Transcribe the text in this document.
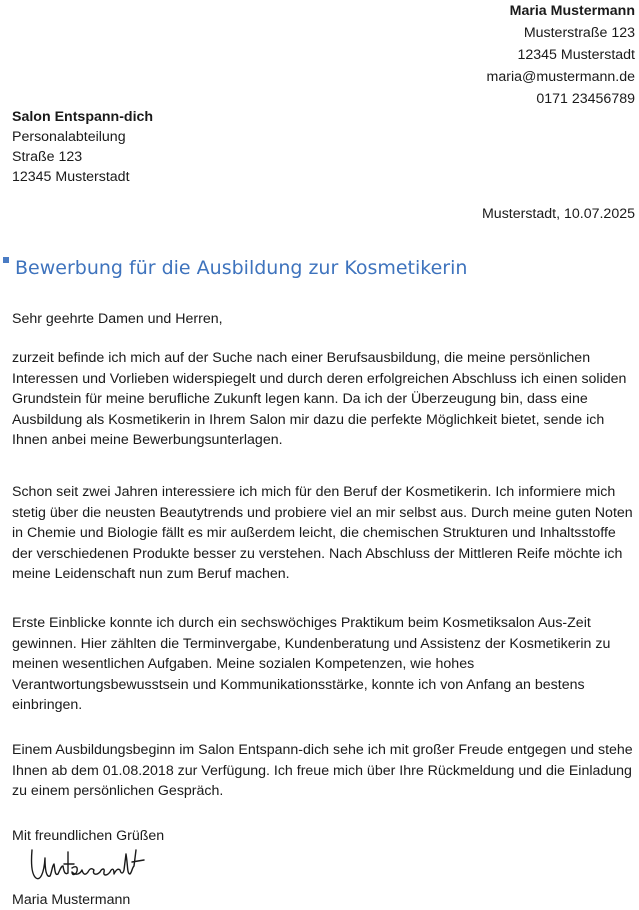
Maria Mustermann
Musterstraße 123
12345 Musterstadt
maria@mustermann.de
0171 23456789
Salon Entspann-dich
Personalabteilung
Straße 123
12345 Musterstadt
Musterstadt, 10.07.2025
Bewerbung für die Ausbildung zur Kosmetikerin
Sehr geehrte Damen und Herren,

zurzeit befinde ich mich auf der Suche nach einer Berufsausbildung, die meine persönlichen Interessen und Vorlieben widerspiegelt und durch deren erfolgreichen Abschluss ich einen soliden Grundstein für meine berufliche Zukunft legen kann. Da ich der Überzeugung bin, dass eine Ausbildung als Kosmetikerin in Ihrem Salon mir dazu die perfekte Möglichkeit bietet, sende ich Ihnen anbei meine Bewerbungsunterlagen.

Schon seit zwei Jahren interessiere ich mich für den Beruf der Kosmetikerin. Ich informiere mich stetig über die neusten Beautytrends und probiere viel an mir selbst aus. Durch meine guten Noten in Chemie und Biologie fällt es mir außerdem leicht, die chemischen Strukturen und Inhaltsstoffe der verschiedenen Produkte besser zu verstehen. Nach Abschluss der Mittleren Reife möchte ich meine Leidenschaft nun zum Beruf machen.

Erste Einblicke konnte ich durch ein sechswöchiges Praktikum beim Kosmetiksalon Aus-Zeit gewinnen. Hier zählten die Terminvergabe, Kundenberatung und Assistenz der Kosmetikerin zu meinen wesentlichen Aufgaben. Meine sozialen Kompetenzen, wie hohes Verantwortungsbewusstsein und Kommunikationsstärke, konnte ich von Anfang an bestens einbringen.

Einem Ausbildungsbeginn im Salon Entspann-dich sehe ich mit großer Freude entgegen und stehe Ihnen ab dem 01.08.2018 zur Verfügung. Ich freue mich über Ihre Rückmeldung und die Einladung zu einem persönlichen Gespräch.

Mit freundlichen Grüßen
Maria Mustermann
